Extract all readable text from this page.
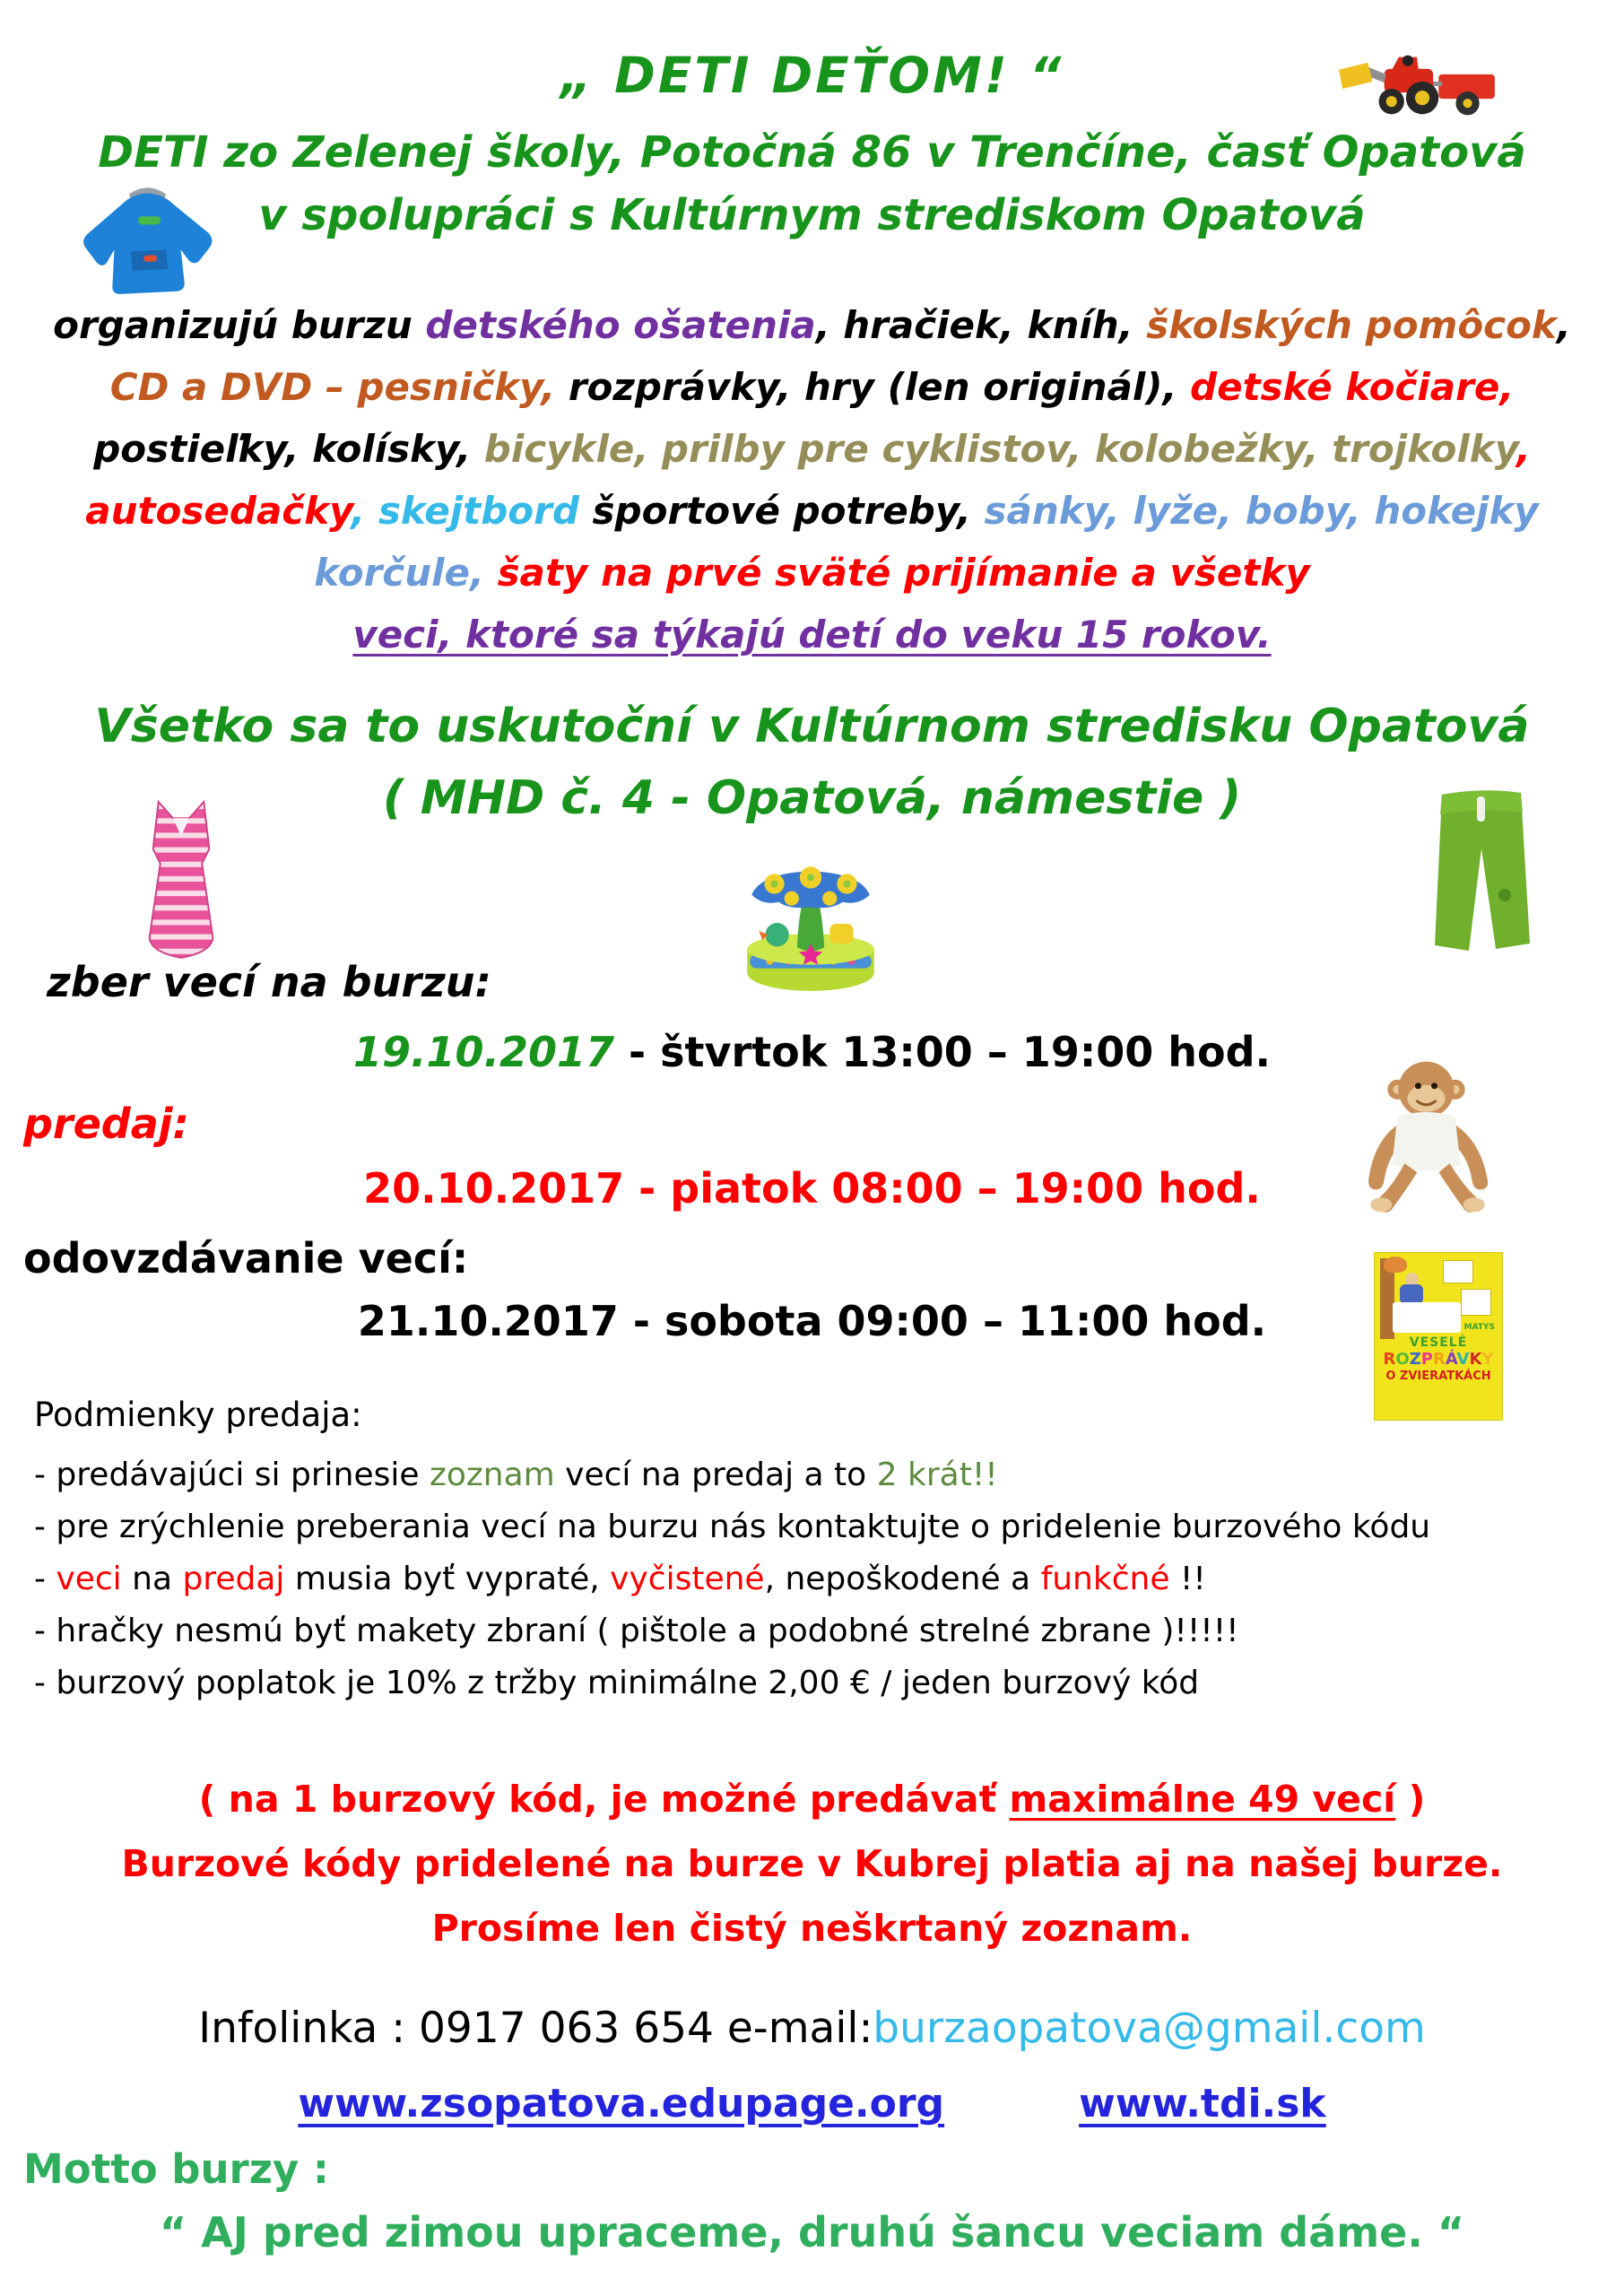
„ DETI DEŤOM! “
DETI zo Zelenej školy, Potočná 86 v Trenčíne, časť Opatová
v spolupráci s Kultúrnym strediskom Opatová
organizujú burzu detského ošatenia, hračiek, kníh, školských pomôcok,
CD a DVD – pesničky, rozprávky, hry (len originál), detské kočiare,
postieľky, kolísky, bicykle, prilby pre cyklistov, kolobežky, trojkolky,
autosedačky, skejtbord športové potreby, sánky, lyže, boby, hokejky
korčule, šaty na prvé sväté prijímanie a všetky
veci, ktoré sa týkajú detí do veku 15 rokov.
Všetko sa to uskutoční v Kultúrnom stredisku Opatová
( MHD č. 4 - Opatová, námestie )
zber vecí na burzu:
19.10.2017 - štvrtok 13:00 – 19:00 hod.
predaj:
20.10.2017 - piatok 08:00 – 19:00 hod.
odovzdávanie vecí:
21.10.2017 - sobota 09:00 – 11:00 hod.	VESELÉ
ROZPRÁVKY
O ZVIERATKÁCH
MATYS
Podmienky predaja:
- predávajúci si prinesie zoznam vecí na predaj a to 2 krát!!
- pre zrýchlenie preberania vecí na burzu nás kontaktujte o pridelenie burzového kódu
- veci na predaj musia byť vypraté, vyčistené, nepoškodené a funkčné !!
- hračky nesmú byť makety zbraní ( pištole a podobné strelné zbrane )!!!!!
- burzový poplatok je 10% z tržby minimálne 2,00 € / jeden burzový kód
( na 1 burzový kód, je možné predávať maximálne 49 vecí )
Burzové kódy pridelené na burze v Kubrej platia aj na našej burze.
Prosíme len čistý neškrtaný zoznam.
Infolinka : 0917 063 654 e-mail:burzaopatova@gmail.com
www.zsopatova.edupage.org	www.tdi.sk
Motto burzy :
“ AJ pred zimou upraceme, druhú šancu veciam dáme. “
